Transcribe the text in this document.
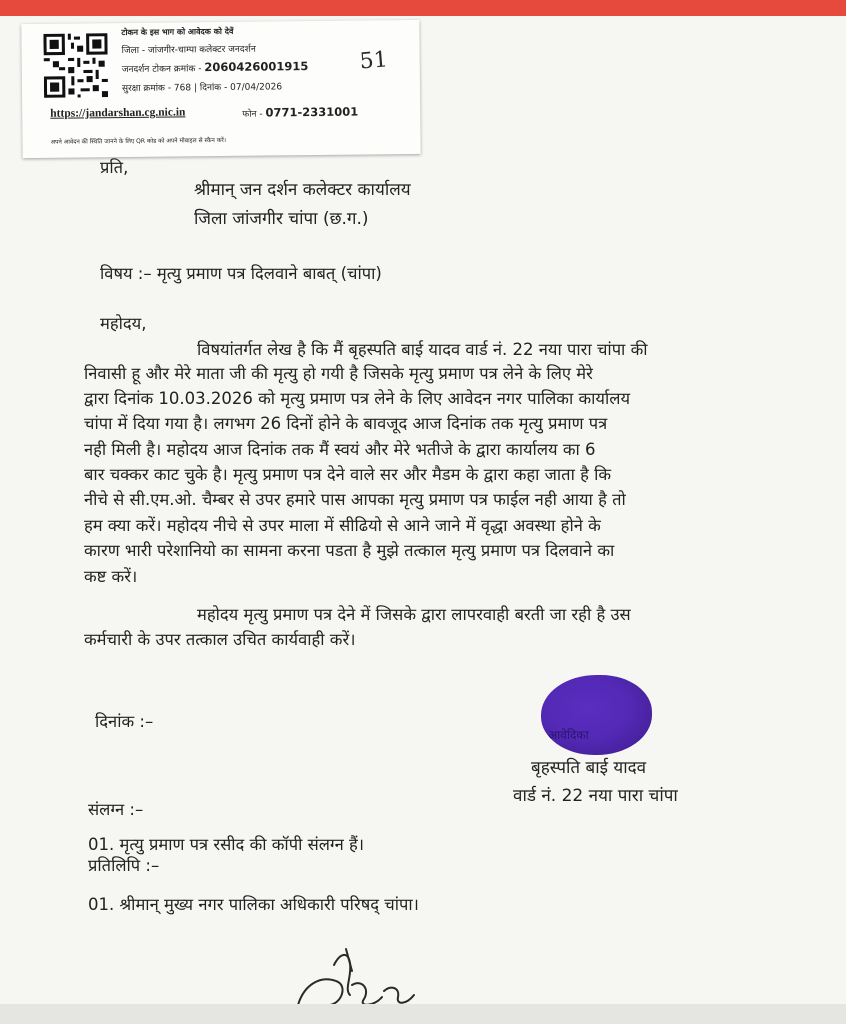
टोकन के इस भाग को आवेदक को देवें
जिला - जांजगीर-चाम्पा कलेक्टर जनदर्शन
जनदर्शन टोकन क्रमांक - 2060426001915
सुरक्षा क्रमांक - 768 | दिनांक - 07/04/2026
https://jandarshan.cg.nic.in	फोन - 0771-2331001
अपने आवेदन की स्थिति जानने के लिए QR कोड को अपने मोबाइल से स्कैन करें।
51
प्रति,
श्रीमान् जन दर्शन कलेक्टर कार्यालय
जिला जांजगीर चांपा (छ.ग.)
विषय :– मृत्यु प्रमाण पत्र दिलवाने बाबत् (चांपा)
महोदय,
विषयांतर्गत लेख है कि मैं बृहस्पति बाई यादव वार्ड नं. 22 नया पारा चांपा की
निवासी हू और मेरे माता जी की मृत्यु हो गयी है जिसके मृत्यु प्रमाण पत्र लेने के लिए मेरे
द्वारा दिनांक 10.03.2026 को मृत्यु प्रमाण पत्र लेने के लिए आवेदन नगर पालिका कार्यालय
चांपा में दिया गया है। लगभग 26 दिनों होने के बावजूद आज दिनांक तक मृत्यु प्रमाण पत्र
नही मिली है। महोदय आज दिनांक तक मैं स्वयं और मेरे भतीजे के द्वारा कार्यालय का 6
बार चक्कर काट चुके है। मृत्यु प्रमाण पत्र देने वाले सर और मैडम के द्वारा कहा जाता है कि
नीचे से सी.एम.ओ. चैम्बर से उपर हमारे पास आपका मृत्यु प्रमाण पत्र फाईल नही आया है तो
हम क्या करें। महोदय नीचे से उपर माला में सीढियो से आने जाने में वृद्धा अवस्था होने के
कारण भारी परेशानियो का सामना करना पडता है मुझे तत्काल मृत्यु प्रमाण पत्र दिलवाने का
कष्ट करें।
महोदय मृत्यु प्रमाण पत्र देने में जिसके द्वारा लापरवाही बरती जा रही है उस
कर्मचारी के उपर तत्काल उचित कार्यवाही करें।
दिनांक :–
आवेदिका
बृहस्पति बाई यादव
वार्ड नं. 22 नया पारा चांपा
संलग्न :–
01. मृत्यु प्रमाण पत्र रसीद की कॉपी संलग्न हैं।
प्रतिलिपि :–
01. श्रीमान् मुख्य नगर पालिका अधिकारी परिषद् चांपा।
